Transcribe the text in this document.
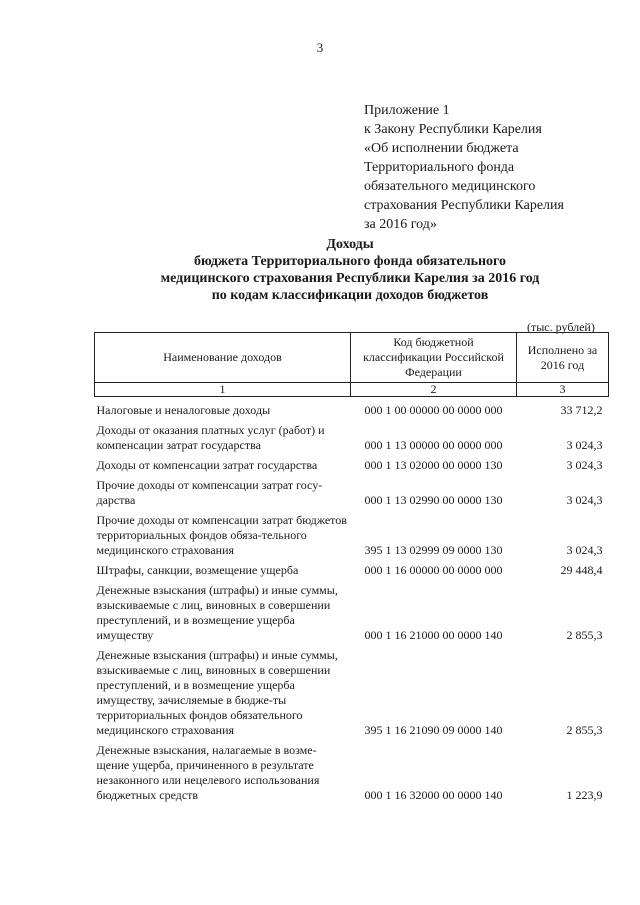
3
Приложение 1
к Закону Республики Карелия
«Об исполнении бюджета
Территориального фонда
обязательного медицинского
страхования Республики Карелия
за 2016 год»
Доходы
бюджета Территориального фонда обязательного
медицинского страхования Республики Карелия за 2016 год
по кодам классификации доходов бюджетов
(тыс. рублей)
Наименование доходов	Код бюджетной классификации Российской Федерации	Исполнено за 2016 год
1	2	3
Налоговые и неналоговые доходы	000 1 00 00000 00 0000 000	33 712,2
Доходы от оказания платных услуг (работ) и компенсации затрат государства	000 1 13 00000 00 0000 000	3 024,3
Доходы от компенсации затрат государства	000 1 13 02000 00 0000 130	3 024,3
Прочие доходы от компенсации затрат госу-дарства	000 1 13 02990 00 0000 130	3 024,3
Прочие доходы от компенсации затрат бюджетов территориальных фондов обяза-тельного медицинского страхования	395 1 13 02999 09 0000 130	3 024,3
Штрафы, санкции, возмещение ущерба	000 1 16 00000 00 0000 000	29 448,4
Денежные взыскания (штрафы) и иные суммы, взыскиваемые с лиц, виновных в совершении преступлений, и в возмещение ущерба имуществу	000 1 16 21000 00 0000 140	2 855,3
Денежные взыскания (штрафы) и иные суммы, взыскиваемые с лиц, виновных в совершении преступлений, и в возмещение ущерба имуществу, зачисляемые в бюдже-ты территориальных фондов обязательного медицинского страхования	395 1 16 21090 09 0000 140	2 855,3
Денежные взыскания, налагаемые в возме-щение ущерба, причиненного в результате незаконного или нецелевого использования бюджетных средств	000 1 16 32000 00 0000 140	1 223,9
